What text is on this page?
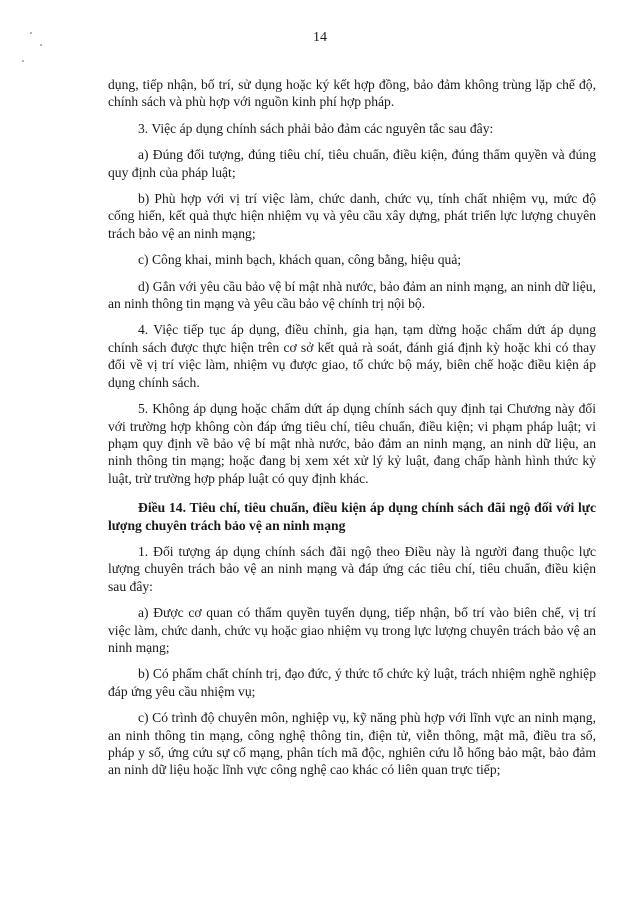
14

dụng, tiếp nhận, bố trí, sử dụng hoặc ký kết hợp đồng, bảo đảm không trùng lặp chế độ, chính sách và phù hợp với nguồn kinh phí hợp pháp.

3. Việc áp dụng chính sách phải bảo đảm các nguyên tắc sau đây:

a) Đúng đối tượng, đúng tiêu chí, tiêu chuẩn, điều kiện, đúng thẩm quyền và đúng quy định của pháp luật;

b) Phù hợp với vị trí việc làm, chức danh, chức vụ, tính chất nhiệm vụ, mức độ cống hiến, kết quả thực hiện nhiệm vụ và yêu cầu xây dựng, phát triển lực lượng chuyên trách bảo vệ an ninh mạng;

c) Công khai, minh bạch, khách quan, công bằng, hiệu quả;

d) Gắn với yêu cầu bảo vệ bí mật nhà nước, bảo đảm an ninh mạng, an ninh dữ liệu, an ninh thông tin mạng và yêu cầu bảo vệ chính trị nội bộ.

4. Việc tiếp tục áp dụng, điều chỉnh, gia hạn, tạm dừng hoặc chấm dứt áp dụng chính sách được thực hiện trên cơ sở kết quả rà soát, đánh giá định kỳ hoặc khi có thay đổi về vị trí việc làm, nhiệm vụ được giao, tổ chức bộ máy, biên chế hoặc điều kiện áp dụng chính sách.

5. Không áp dụng hoặc chấm dứt áp dụng chính sách quy định tại Chương này đối với trường hợp không còn đáp ứng tiêu chí, tiêu chuẩn, điều kiện; vi phạm pháp luật; vi phạm quy định về bảo vệ bí mật nhà nước, bảo đảm an ninh mạng, an ninh dữ liệu, an ninh thông tin mạng; hoặc đang bị xem xét xử lý kỷ luật, đang chấp hành hình thức kỷ luật, trừ trường hợp pháp luật có quy định khác.

Điều 14. Tiêu chí, tiêu chuẩn, điều kiện áp dụng chính sách đãi ngộ đối với lực lượng chuyên trách bảo vệ an ninh mạng

1. Đối tượng áp dụng chính sách đãi ngộ theo Điều này là người đang thuộc lực lượng chuyên trách bảo vệ an ninh mạng và đáp ứng các tiêu chí, tiêu chuẩn, điều kiện sau đây:

a) Được cơ quan có thẩm quyền tuyển dụng, tiếp nhận, bố trí vào biên chế, vị trí việc làm, chức danh, chức vụ hoặc giao nhiệm vụ trong lực lượng chuyên trách bảo vệ an ninh mạng;

b) Có phẩm chất chính trị, đạo đức, ý thức tổ chức kỷ luật, trách nhiệm nghề nghiệp đáp ứng yêu cầu nhiệm vụ;

c) Có trình độ chuyên môn, nghiệp vụ, kỹ năng phù hợp với lĩnh vực an ninh mạng, an ninh thông tin mạng, công nghệ thông tin, điện tử, viễn thông, mật mã, điều tra số, pháp y số, ứng cứu sự cố mạng, phân tích mã độc, nghiên cứu lỗ hổng bảo mật, bảo đảm an ninh dữ liệu hoặc lĩnh vực công nghệ cao khác có liên quan trực tiếp;
